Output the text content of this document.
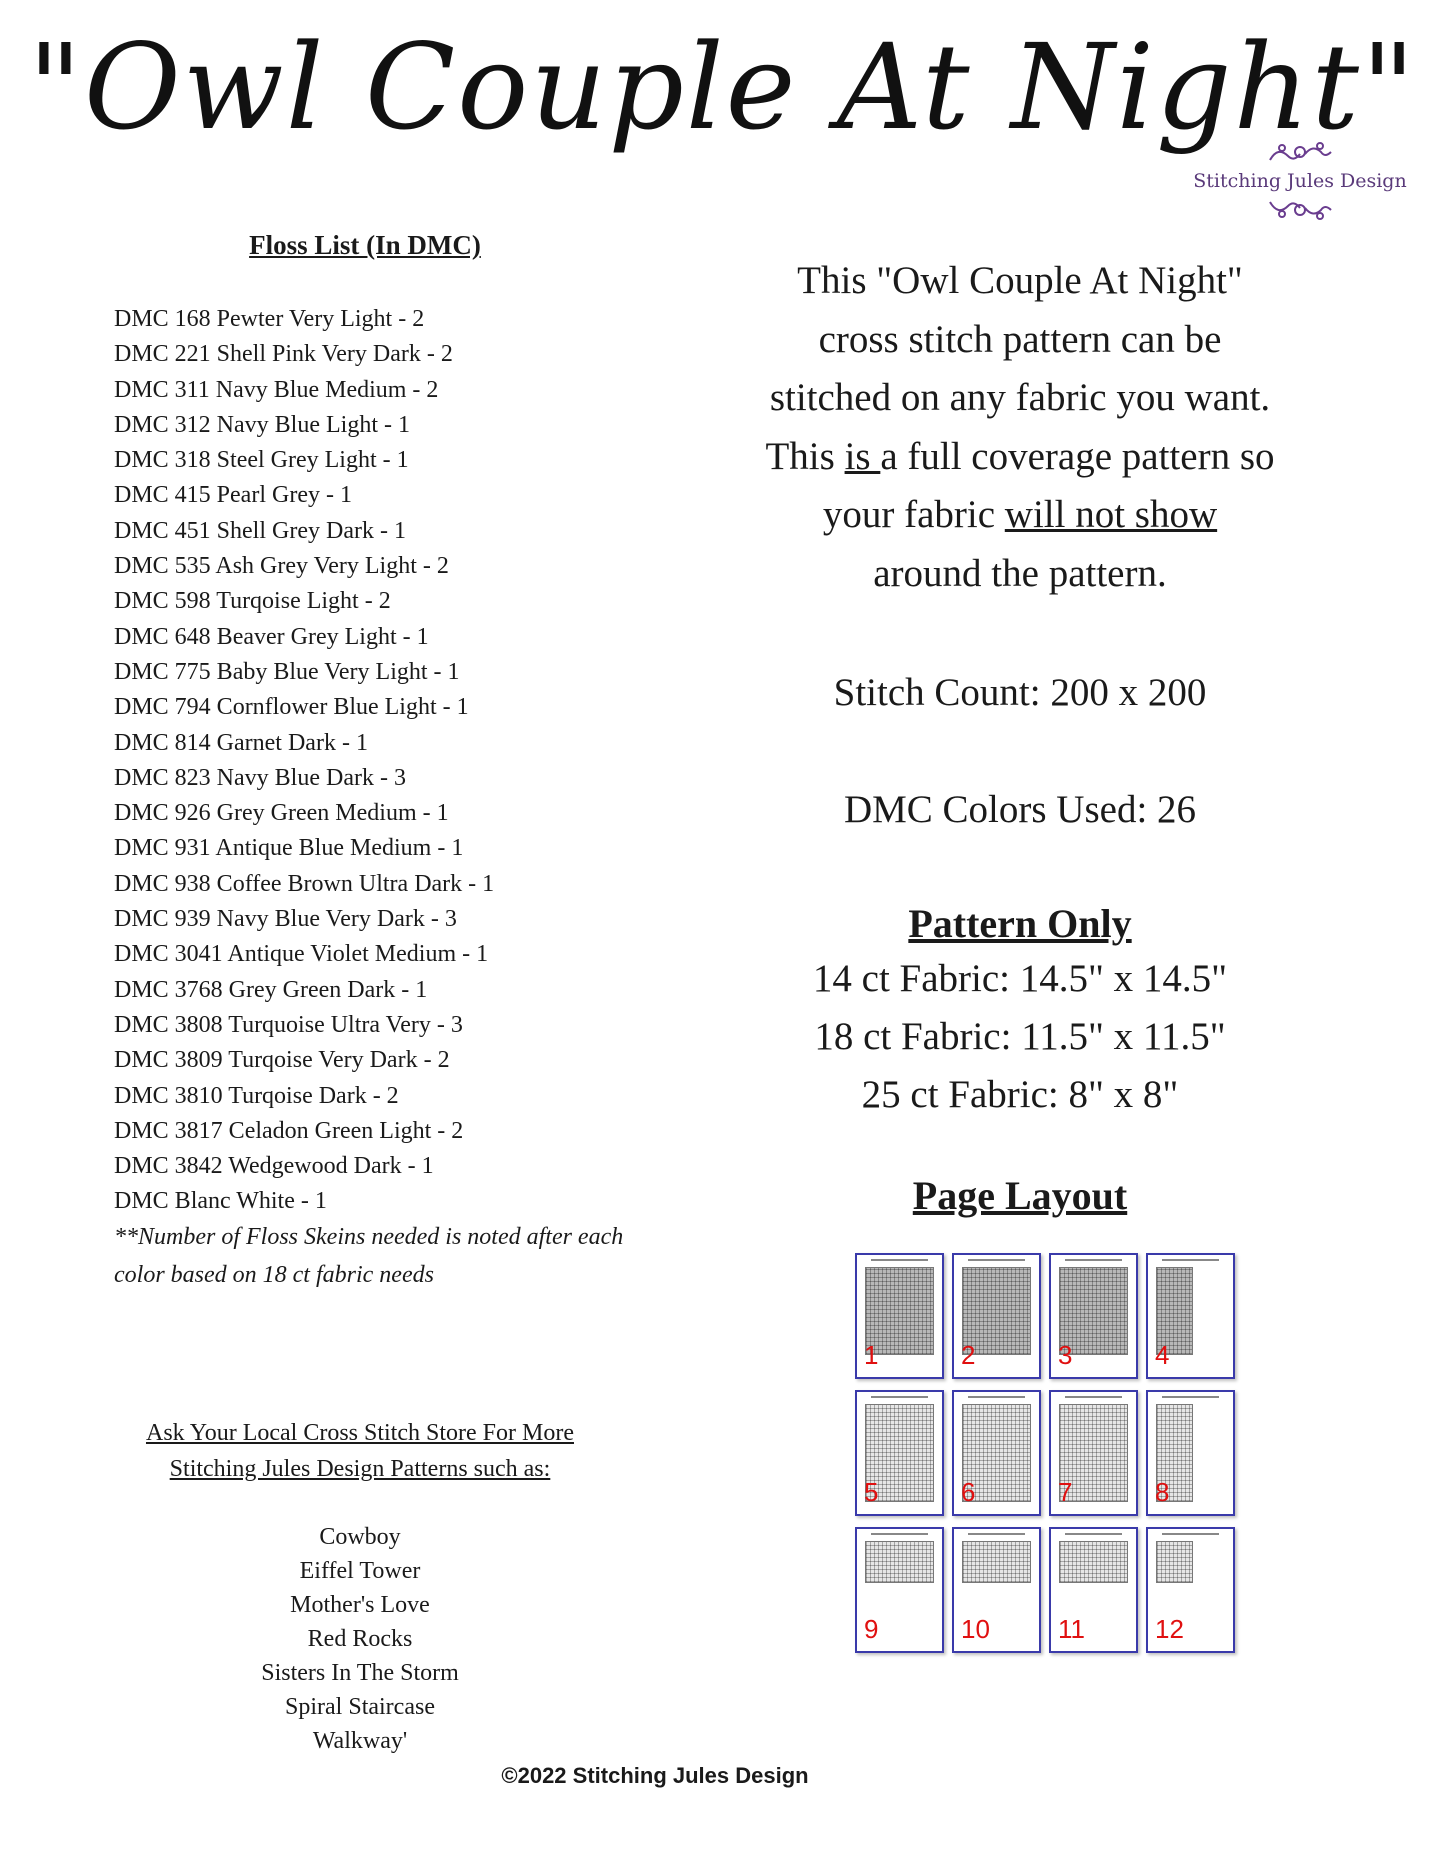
"Owl Couple At Night"
Stitching Jules Design
Floss List (In DMC)
DMC 168 Pewter Very Light - 2
DMC 221 Shell Pink Very Dark - 2
DMC 311 Navy Blue Medium - 2
DMC 312 Navy Blue Light - 1
DMC 318 Steel Grey Light - 1
DMC 415 Pearl Grey - 1
DMC 451 Shell Grey Dark - 1
DMC 535 Ash Grey Very Light - 2
DMC 598 Turqoise Light - 2
DMC 648 Beaver Grey Light - 1
DMC 775 Baby Blue Very Light - 1
DMC 794 Cornflower Blue Light - 1
DMC 814 Garnet Dark - 1
DMC 823 Navy Blue Dark - 3
DMC 926 Grey Green Medium - 1
DMC 931 Antique Blue Medium - 1
DMC 938 Coffee Brown Ultra Dark - 1
DMC 939 Navy Blue Very Dark - 3
DMC 3041 Antique Violet Medium - 1
DMC 3768 Grey Green Dark - 1
DMC 3808 Turquoise Ultra Very - 3
DMC 3809 Turqoise Very Dark - 2
DMC 3810 Turqoise Dark - 2
DMC 3817 Celadon Green Light - 2
DMC 3842 Wedgewood Dark - 1
DMC Blanc White - 1
**Number of Floss Skeins needed is noted after each color based on 18 ct fabric needs
Ask Your Local Cross Stitch Store For More
Stitching Jules Design Patterns such as:
Cowboy
Eiffel Tower
Mother's Love
Red Rocks
Sisters In The Storm
Spiral Staircase
Walkway'
This "Owl Couple At Night"
cross stitch pattern can be
stitched on any fabric you want.
This is a full coverage pattern so
your fabric will not show
around the pattern.
Stitch Count: 200 x 200
DMC Colors Used: 26
Pattern Only
14 ct Fabric: 14.5" x 14.5"
18 ct Fabric: 11.5" x 11.5"
25 ct Fabric: 8" x 8"
Page Layout
1	2	3	4
5	6	7	8
9	10	11	12
©2022 Stitching Jules Design
